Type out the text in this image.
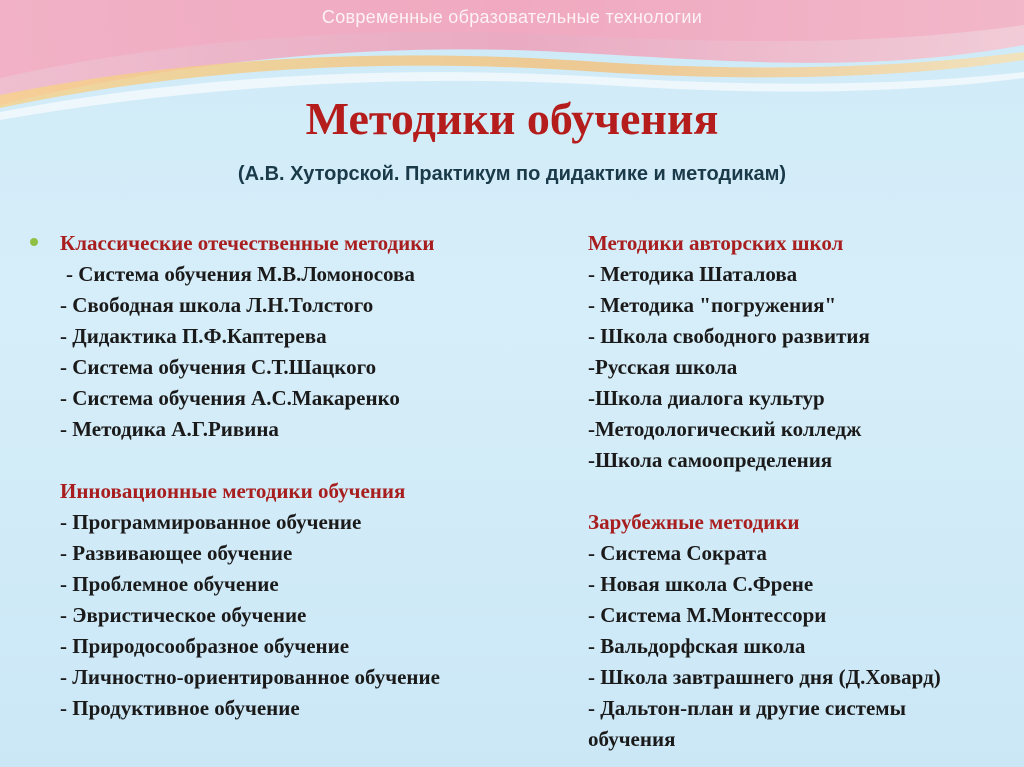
Современные образовательные технологии
Методики обучения
(А.В. Хуторской. Практикум по дидактике и методикам)
Классические отечественные методики
- Система обучения М.В.Ломоносова
- Свободная школа Л.Н.Толстого
- Дидактика П.Ф.Каптерева
- Система обучения С.Т.Шацкого
- Система обучения А.С.Макаренко
- Методика А.Г.Ривина
Инновационные методики обучения
- Программированное обучение
- Развивающее обучение
- Проблемное обучение
- Эвристическое обучение
- Природосообразное обучение
- Личностно-ориентированное обучение
- Продуктивное обучение
Методики авторских школ
- Методика Шаталова
- Методика "погружения"
- Школа свободного развития
-Русская школа
-Школа диалога культур
-Методологический колледж
-Школа самоопределения
Зарубежные методики
- Система Сократа
- Новая школа С.Френе
- Система М.Монтессори
- Вальдорфская школа
- Школа завтрашнего дня (Д.Ховард)
- Дальтон-план и другие системы
обучения
